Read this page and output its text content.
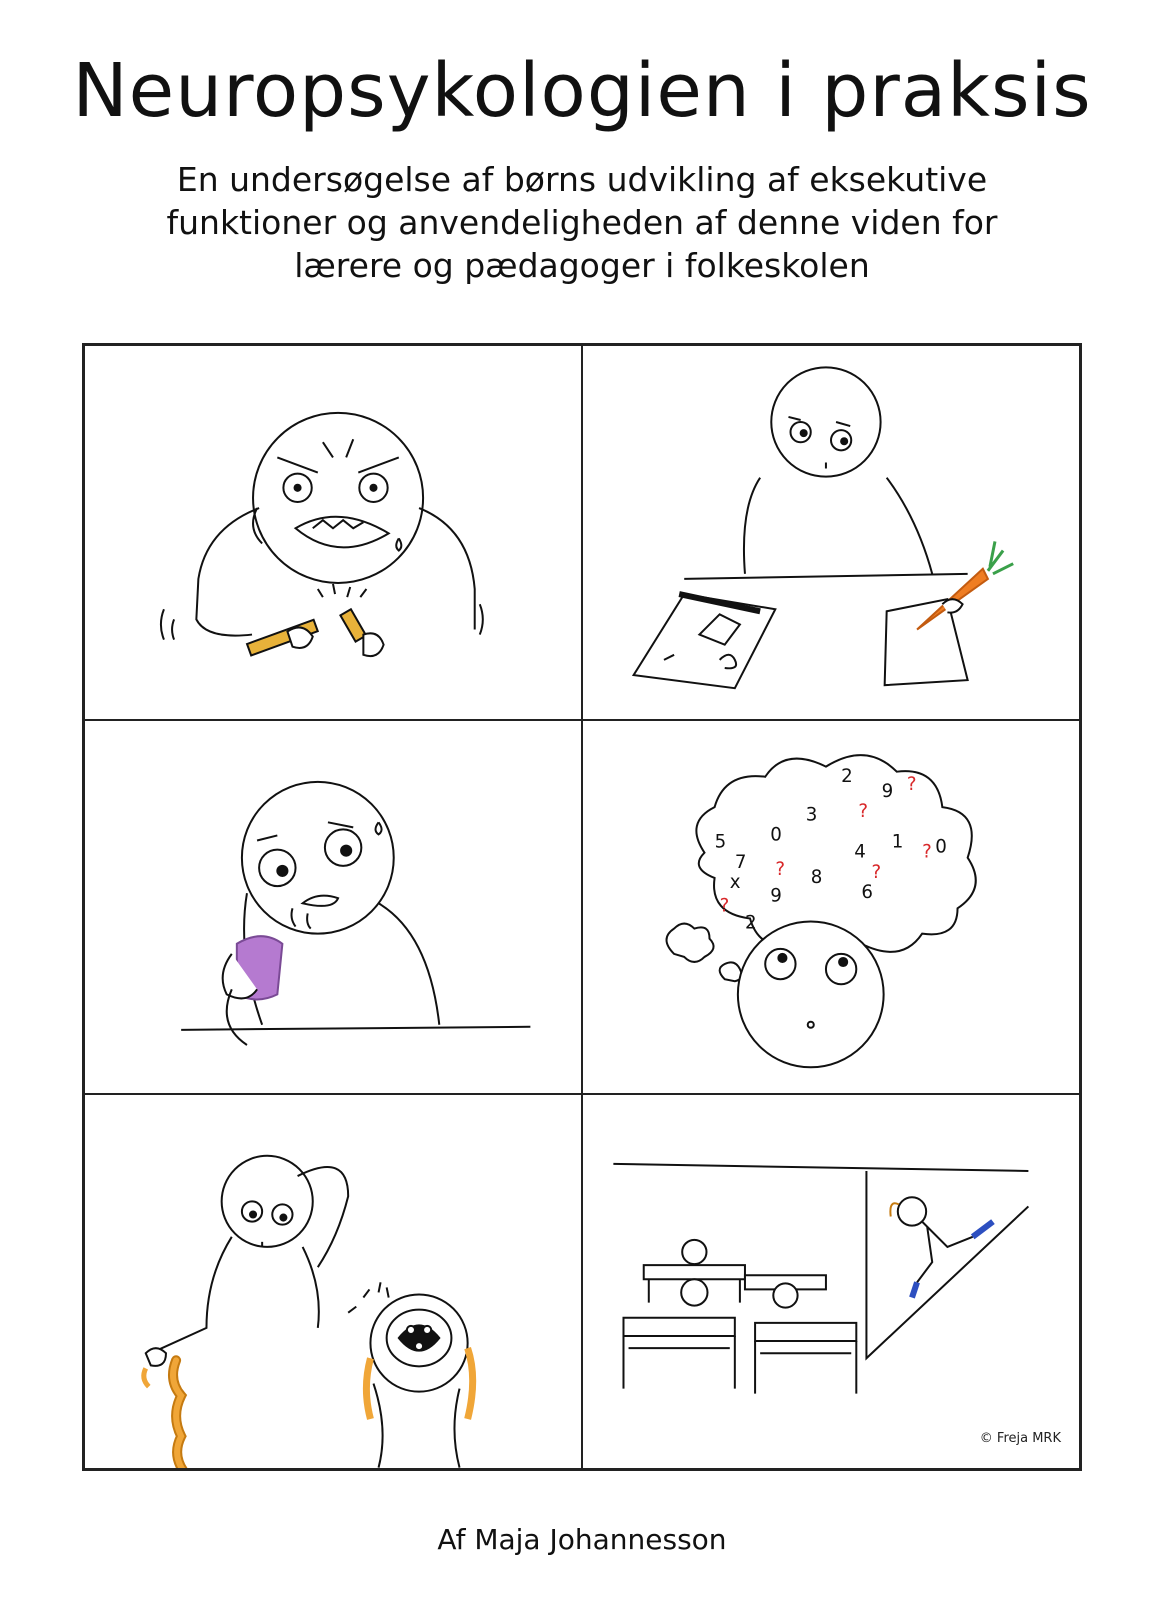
Neuropsykologien i praksis

En undersøgelse af børns udvikling af eksekutive funktioner og anvendeligheden af denne viden for lærere og pædagoger i folkeskolen

2
9 ?
3 ?
5 0
4 1 ? 0
7 ? 8	?
6
? 9
2
x
© Freja MRK

Af Maja Johannesson
